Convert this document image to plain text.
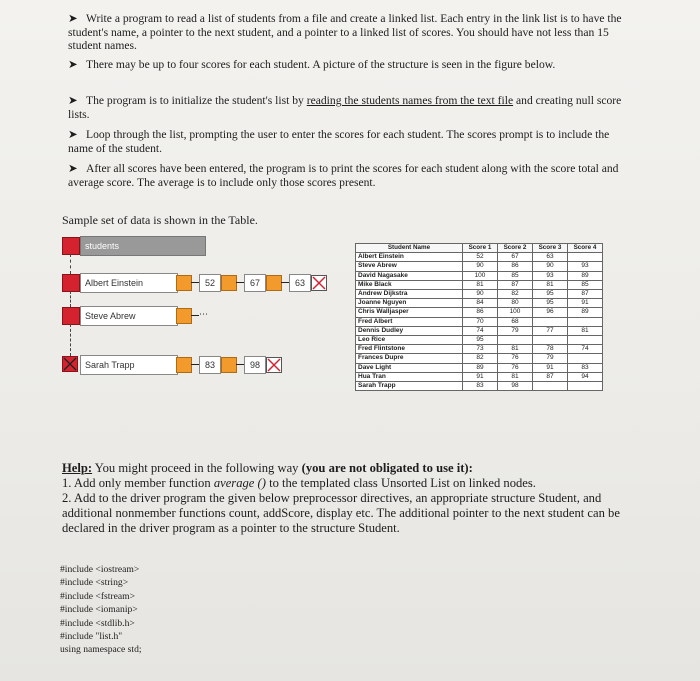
➤ Write a program to read a list of students from a file and create a linked list. Each entry in the link list is to have the student's name, a pointer to the next student, and a pointer to a linked list of scores. You should have not less than 15 student names.
➤ There may be up to four scores for each student. A picture of the structure is seen in the figure below.
➤ The program is to initialize the student's list by reading the students names from the text file and creating null score lists.
➤ Loop through the list, prompting the user to enter the scores for each student. The scores prompt is to include the name of the student.
➤ After all scores have been entered, the program is to print the scores for each student along with the score total and average score. The average is to include only those scores present.
Sample set of data is shown in the Table.
students
Albert Einstein	52	67	63
Steve Abrew	⋯
Sarah Trapp	83	98
Student Name	Score 1	Score 2	Score 3	Score 4
Albert Einstein	52	67	63	
Steve Abrew	90	86	90	93
David Nagasake	100	85	93	89
Mike Black	81	87	81	85
Andrew Dijkstra	90	82	95	87
Joanne Nguyen	84	80	95	91
Chris Walljasper	86	100	96	89
Fred Albert	70	68		
Dennis Dudley	74	79	77	81
Leo Rice	95			
Fred Flintstone	73	81	78	74
Frances Dupre	82	76	79	
Dave Light	89	76	91	83
Hua Tran	91	81	87	94
Sarah Trapp	83	98		
Help: You might proceed in the following way (you are not obligated to use it):
1. Add only member function average () to the templated class Unsorted List on linked nodes.
2. Add to the driver program the given below preprocessor directives, an appropriate structure Student, and additional nonmember functions count, addScore, display etc. The additional pointer to the next student can be declared in the driver program as a pointer to the structure Student.
#include <iostream>
#include <string>
#include <fstream>
#include <iomanip>
#include <stdlib.h>
#include "list.h"
using namespace std;
